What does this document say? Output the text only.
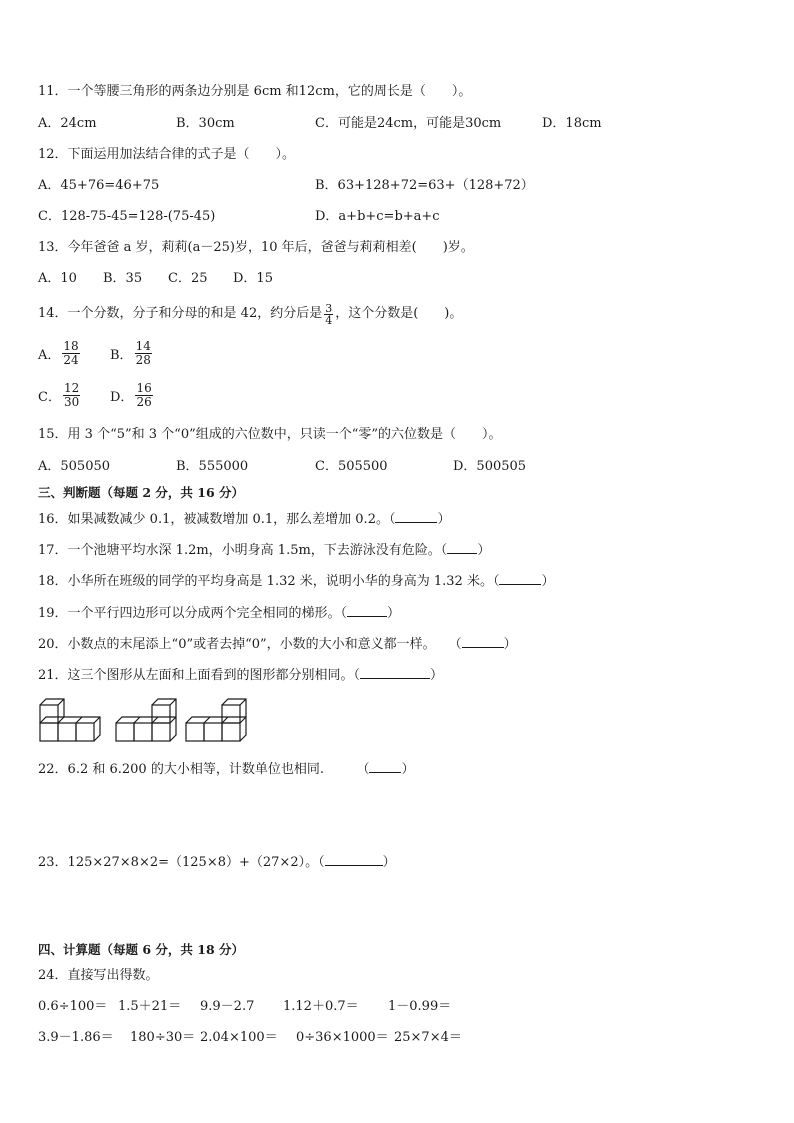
11．一个等腰三角形的两条边分别是 6cm 和12cm，它的周长是（　　）。
A．24cm	B．30cm	C．可能是24cm，可能是30cm	D．18cm
12．下面运用加法结合律的式子是（　　）。
A．45+76=46+75	B．63+128+72=63+（128+72）
C．128-75-45=128-(75-45)	D．a+b+c=b+a+c
13．今年爸爸 a 岁，莉莉(a－25)岁，10 年后，爸爸与莉莉相差(　　)岁。
A．10 B．35 C．25 D．15
14．一个分数，分子和分母的和是 42，约分后是 $\frac{3}{4}$ ，这个分数是(　　)。
A． $\frac{18}{24}$ B． $\frac{14}{28}$
C． $\frac{12}{30}$ D． $\frac{16}{26}$
15．用 3 个“5”和 3 个“0”组成的六位数中，只读一个“零”的六位数是（　　）。
A．505050	B．555000	C．505500	D．500505
三、判断题（每题 2 分，共 16 分）
16．如果减数减少 0.1，被减数增加 0.1，那么差增加 0.2。（	）
17．一个池塘平均水深 1.2m，小明身高 1.5m，下去游泳没有危险。（ ）
18．小华所在班级的同学的平均身高是 1.32 米，说明小华的身高为 1.32 米。（	）
19．一个平行四边形可以分成两个完全相同的梯形。（	）
20．小数点的末尾添上“0”或者去掉“0”，小数的大小和意义都一样。　　（	）
21．这三个图形从左面和上面看到的图形都分别相同。（	）
22．6.2 和 6.200 的大小相等，计数单位也相同.　　　（ ）
23．125×27×8×2=（125×8）+（27×2）。（	）
四、计算题（每题 6 分，共 18 分）
24．直接写出得数。
0.6÷100＝ 1.5＋21＝ 9.9－2.7 1.12＋0.7＝ 1－0.99＝
3.9－1.86＝ 180÷30＝ 2.04×100＝ 0÷36×1000＝ 25×7×4＝
